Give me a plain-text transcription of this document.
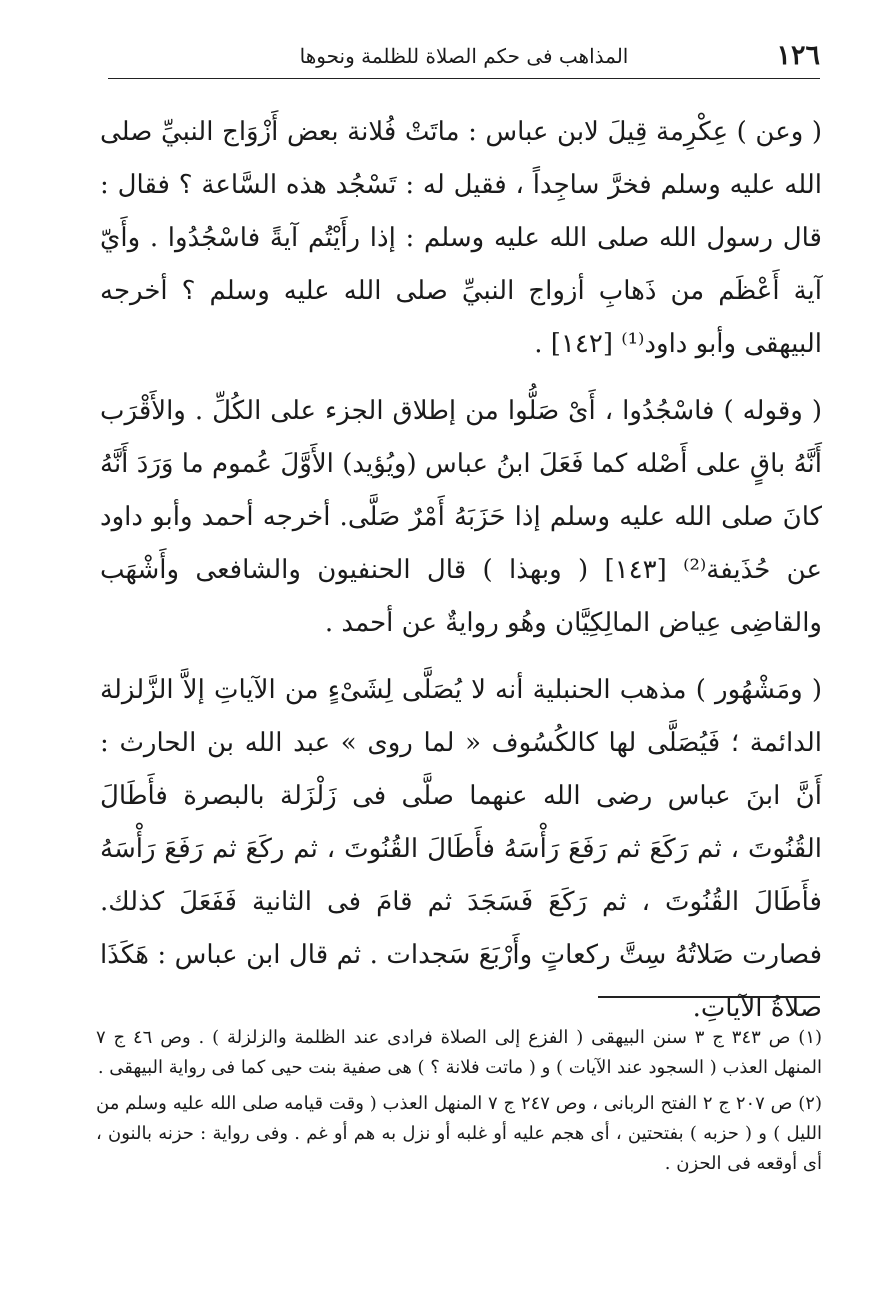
١٢٦
المذاهب فى حكم الصلاة للظلمة ونحوها

( وعن ) عِكْرِمة قِيلَ لابن عباس : ماتَتْ فُلانة بعض أَزْوَاج النبيِّ صلى الله عليه وسلم فخرَّ ساجِداً ، فقيل له : تَسْجُد هذه السَّاعة ؟ فقال : قال رسول الله صلى الله عليه وسلم : إذا رأَيْتُم آيةً فاسْجُدُوا . وأَيّ آية أَعْظَم من ذَهابِ أزواج النبيِّ صلى الله عليه وسلم ؟ أخرجه البيهقى وأبو داود⁽¹⁾ [١٤٢] .

( وقوله ) فاسْجُدُوا ، أَىْ صَلُّوا من إطلاق الجزء على الكُلِّ . والأَقْرَب أَنَّهُ باقٍ على أَصْله كما فَعَلَ ابنُ عباس (ويُؤيد) الأَوَّلَ عُموم ما وَرَدَ أَنَّهُ كانَ صلى الله عليه وسلم إذا حَزَبَهُ أَمْرٌ صَلَّى. أخرجه أحمد وأبو داود عن حُذَيفة⁽²⁾ [١٤٣] ( وبهذا ) قال الحنفيون والشافعى وأَشْهَب والقاضِى عِياض المالِكِيَّان وهُو روايةٌ عن أحمد .

( ومَشْهُور ) مذهب الحنبلية أنه لا يُصَلَّى لِشَىْءٍ من الآياتِ إلاَّ الزَّلزلة الدائمة ؛ فَيُصَلَّى لها كالكُسُوف « لما روى » عبد الله بن الحارث : أَنَّ ابنَ عباس رضى الله عنهما صلَّى فى زَلْزَلة بالبصرة فأَطَالَ القُنُوتَ ، ثم رَكَعَ ثم رَفَعَ رَأْسَهُ فأَطَالَ القُنُوتَ ، ثم ركَعَ ثم رَفَعَ رَأْسَهُ فأَطَالَ القُنُوتَ ، ثم رَكَعَ فَسَجَدَ ثم قامَ فى الثانية فَفَعَلَ كذلك. فصارت صَلاتُهُ سِتَّ ركعاتٍ وأَرْبَعَ سَجدات . ثم قال ابن عباس : هَكَذَا صلاةُ الآياتِ.

(١) ص ٣٤٣ ج ٣ سنن البيهقى ( الفزع إلى الصلاة فرادى عند الظلمة والزلزلة ) . وص ٤٦ ج ٧ المنهل العذب ( السجود عند الآيات ) و ( ماتت فلانة ؟ ) هى صفية بنت حيى كما فى رواية البيهقى .

(٢) ص ٢٠٧ ج ٢ الفتح الربانى ، وص ٢٤٧ ج ٧ المنهل العذب ( وقت قيامه صلى الله عليه وسلم من الليل ) و ( حزبه ) بفتحتين ، أى هجم عليه أو غلبه أو نزل به هم أو غم . وفى رواية : حزنه بالنون ، أى أوقعه فى الحزن .
